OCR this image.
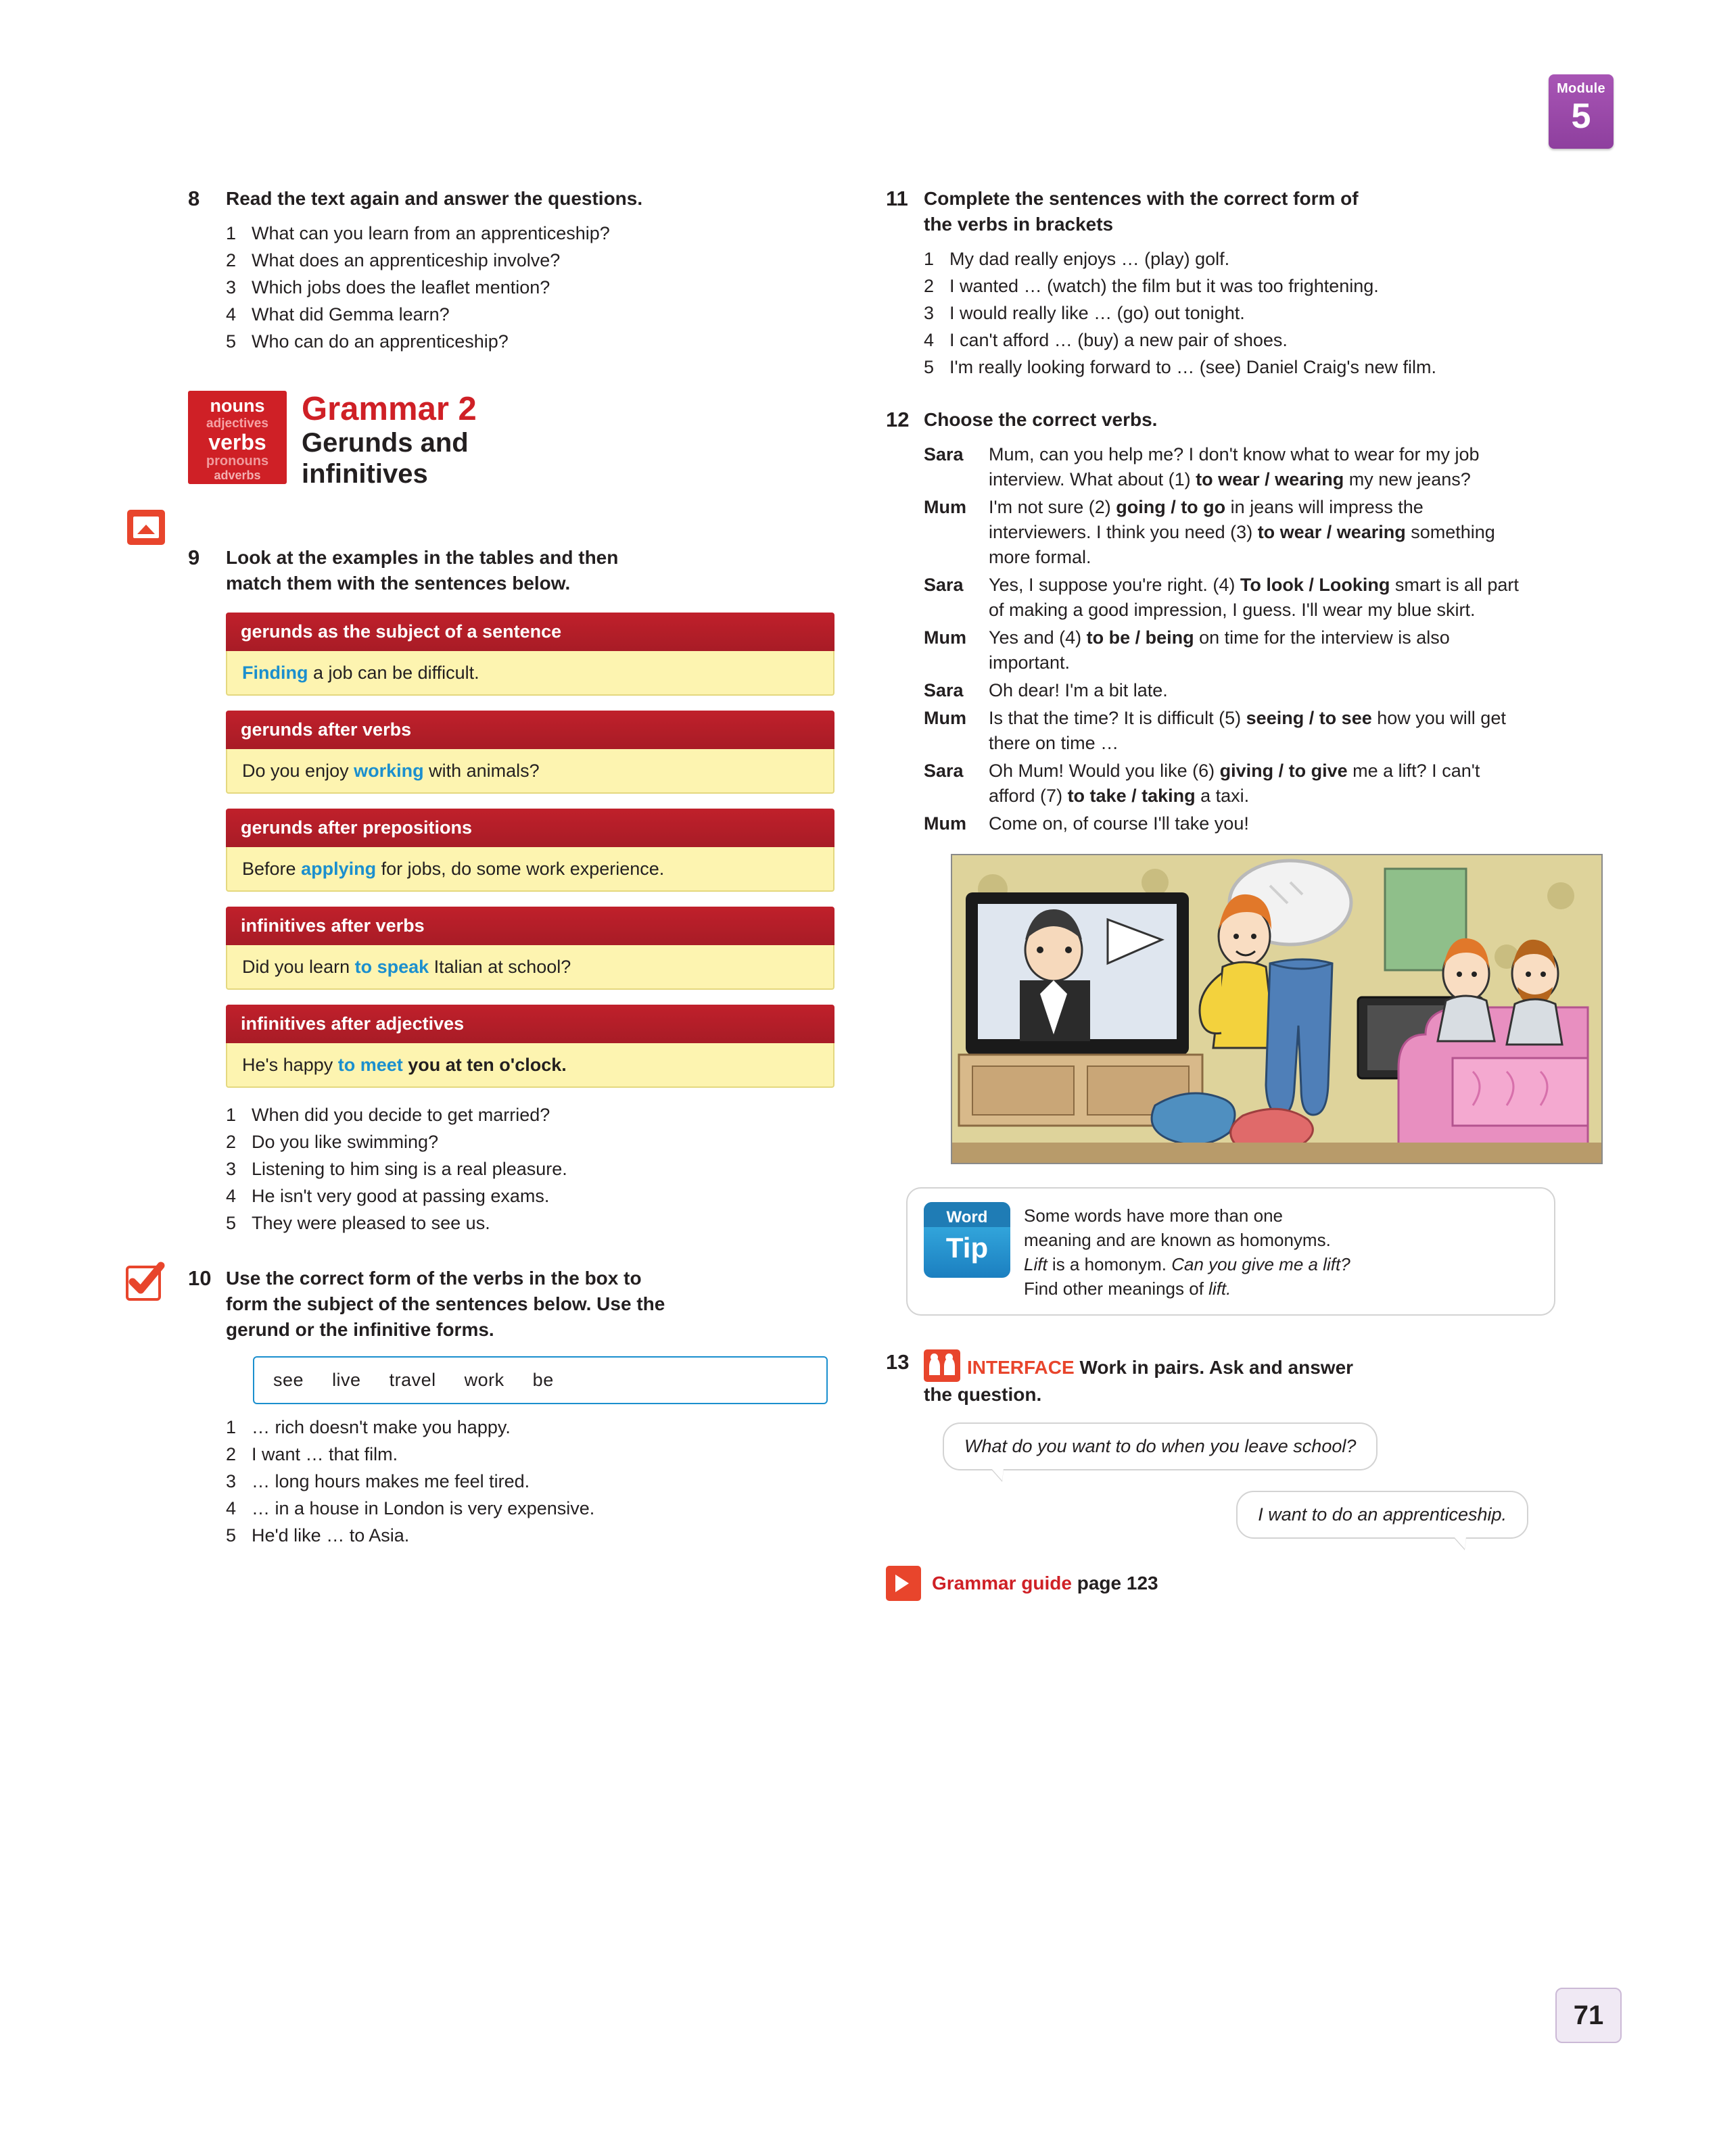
Module
5
8	Read the text again and answer the questions.
1 What can you learn from an apprenticeship?
2 What does an apprenticeship involve?
3 Which jobs does the leaflet mention?
4 What did Gemma learn?
5 Who can do an apprenticeship?
nouns
adjectives
verbs
pronouns
adverbs
tenses
Grammar 2
Gerunds and
infinitives
9	Look at the examples in the tables and then
match them with the sentences below.
gerunds as the subject of a sentence
Finding a job can be difficult.
gerunds after verbs
Do you enjoy working with animals?
gerunds after prepositions
Before applying for jobs, do some work experience.
infinitives after verbs
Did you learn to speak Italian at school?
infinitives after adjectives
He's happy to meet you at ten o'clock.
1 When did you decide to get married?
2 Do you like swimming?
3 Listening to him sing is a real pleasure.
4 He isn't very good at passing exams.
5 They were pleased to see us.
10 Use the correct form of the verbs in the box to
form the subject of the sentences below. Use the
gerund or the infinitive forms.
see live travel work be
1 … rich doesn't make you happy.
2 I want … that film.
3 … long hours makes me feel tired.
4 … in a house in London is very expensive.
5 He'd like … to Asia.
11 Complete the sentences with the correct form of
the verbs in brackets
1 My dad really enjoys … (play) golf.
2 I wanted … (watch) the film but it was too frightening.
3 I would really like … (go) out tonight.
4 I can't afford … (buy) a new pair of shoes.
5 I'm really looking forward to … (see) Daniel Craig's new film.
12 Choose the correct verbs.
Sara	Mum, can you help me? I don't know what to wear for my job interview. What about (1) to wear / wearing my new jeans?
Mum	I'm not sure (2) going / to go in jeans will impress the interviewers. I think you need (3) to wear / wearing something more formal.
Sara	Yes, I suppose you're right. (4) To look / Looking smart is all part of making a good impression, I guess. I'll wear my blue skirt.
Mum	Yes and (4) to be / being on time for the interview is also important.
Sara	Oh dear! I'm a bit late.
Mum	Is that the time? It is difficult (5) seeing / to see how you will get there on time …
Sara	Oh Mum! Would you like (6) giving / to give me a lift? I can't afford (7) to take / taking a taxi.
Mum	Come on, of course I'll take you!
Word
Tip
Some words have more than one
meaning and are known as homonyms.
Lift is a homonym. Can you give me a lift?
Find other meanings of lift.
13	INTERFACE Work in pairs. Ask and answer
the question.
What do you want to do when you leave school?
I want to do an apprenticeship.
Grammar guide page 123
71
